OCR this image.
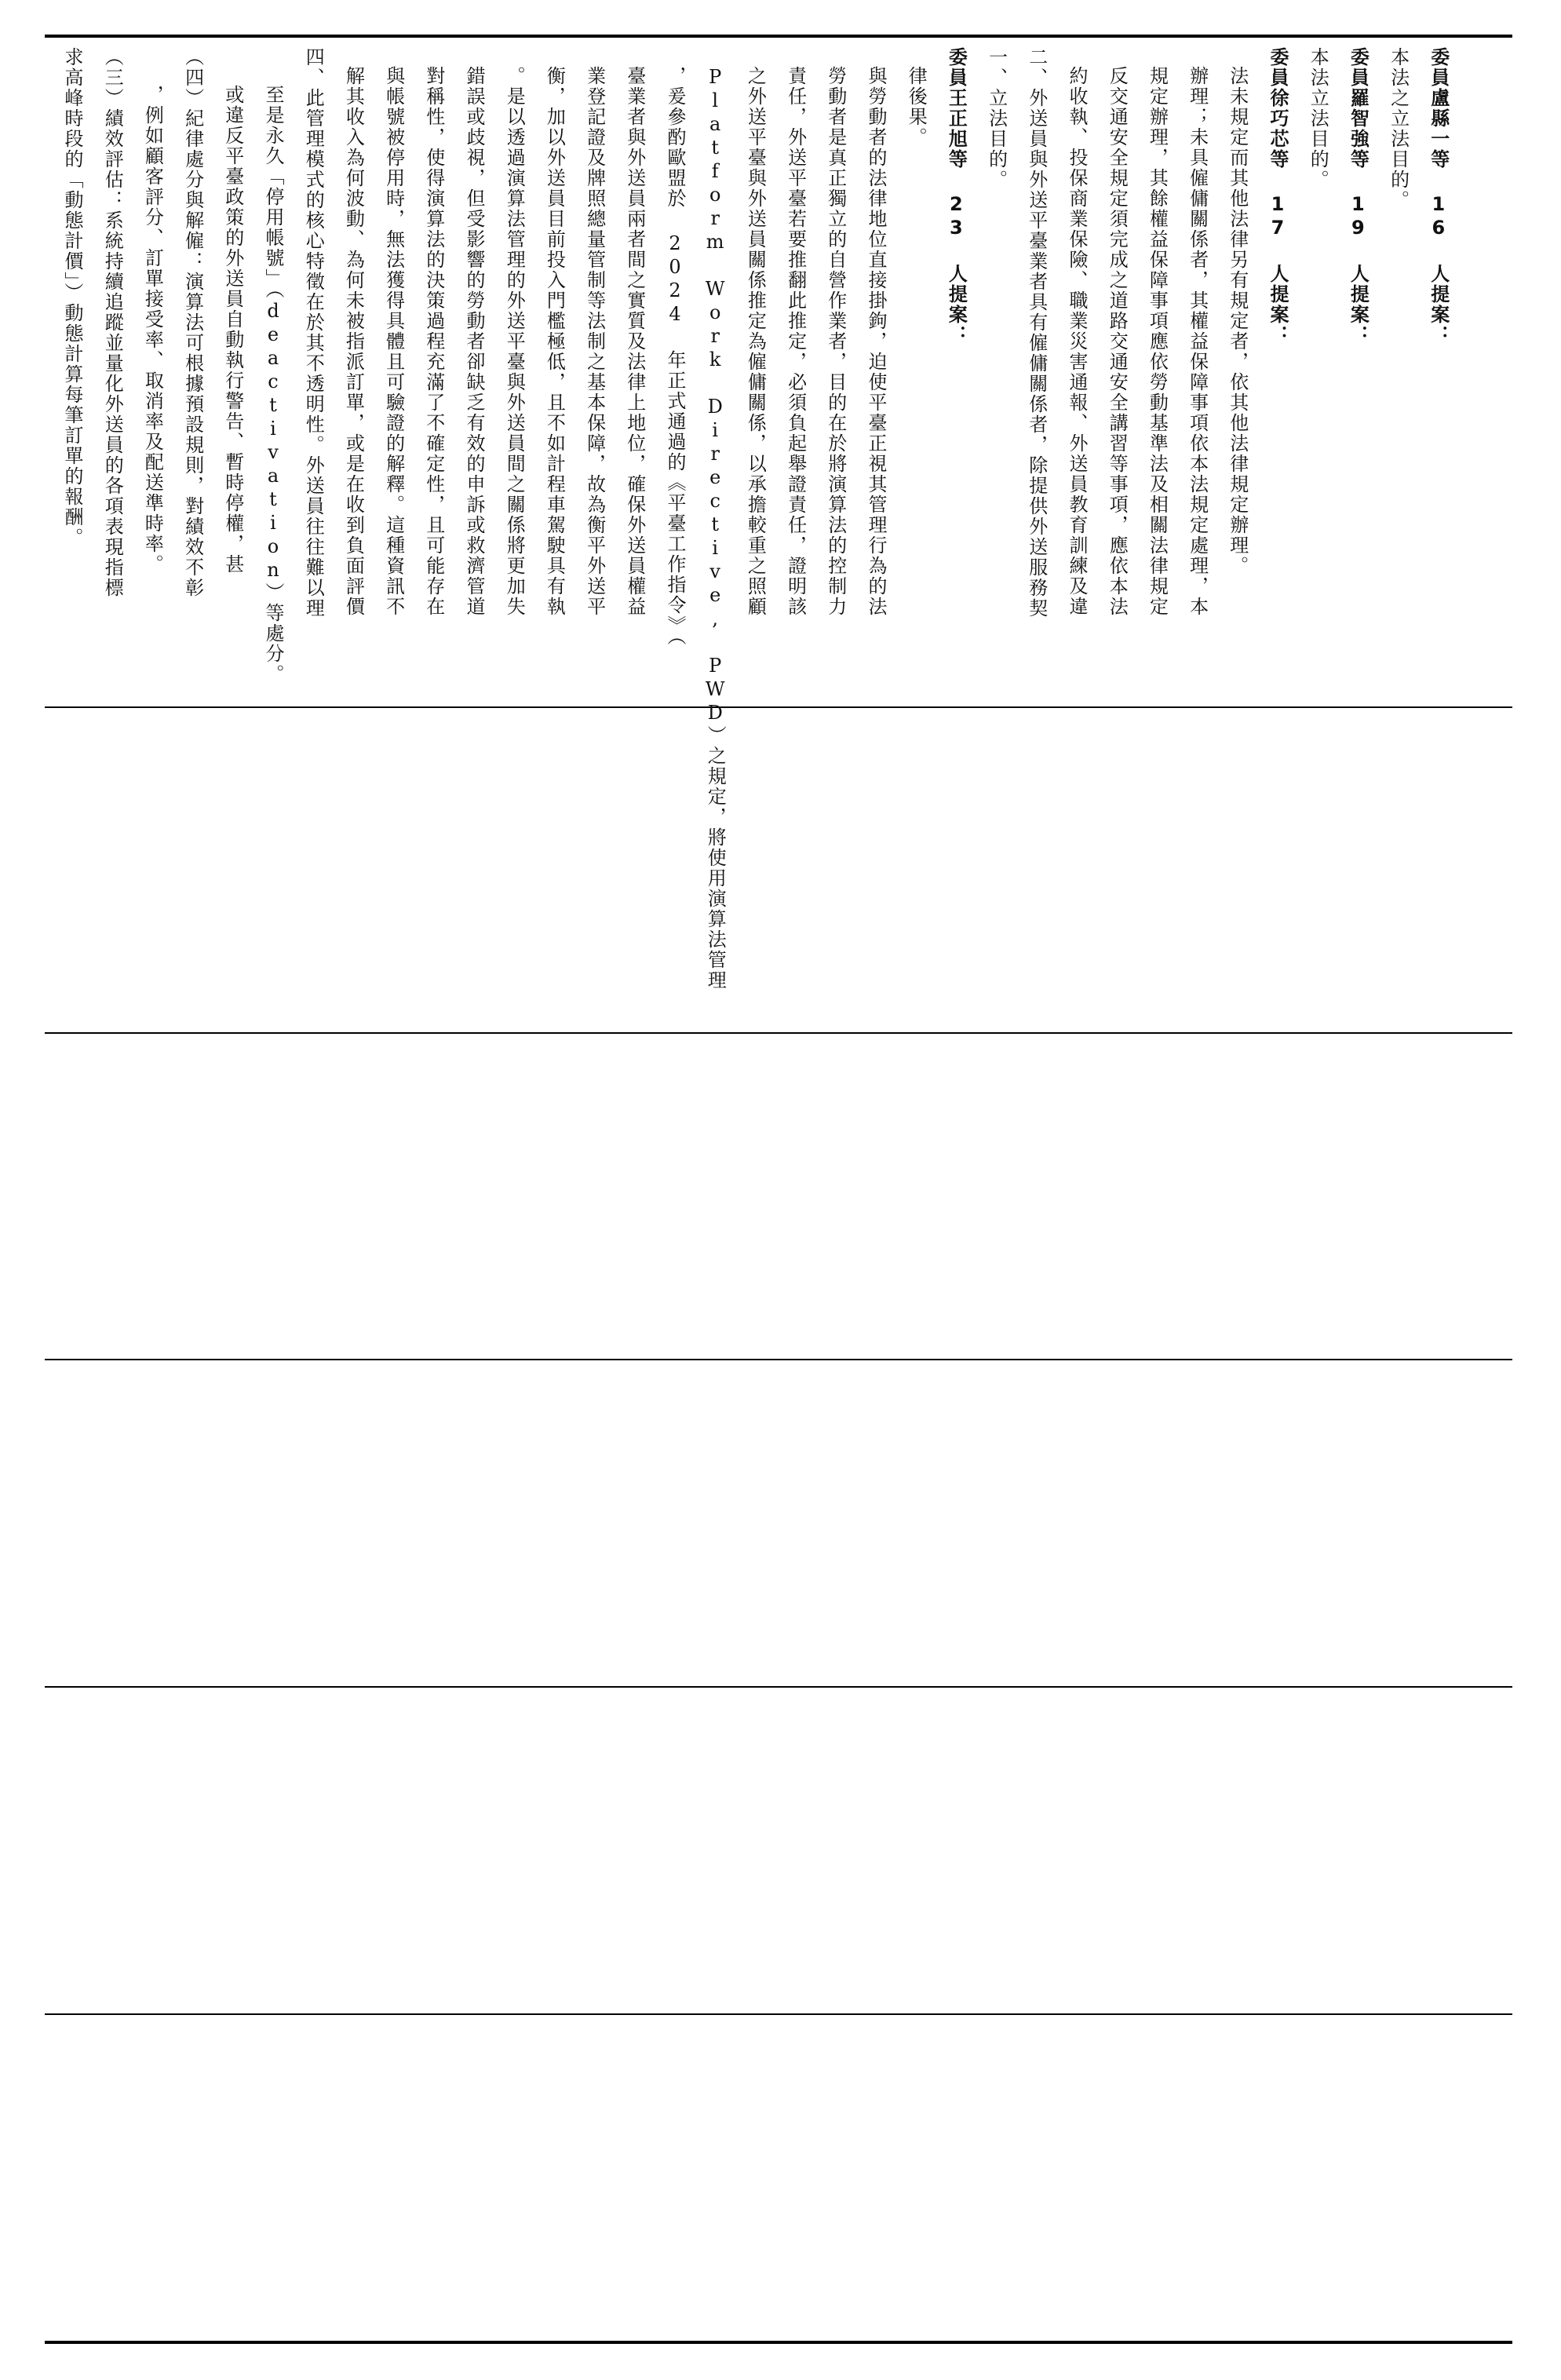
求高峰時段的「動態計價」）動態計算每筆訂單的報酬。 （三）績效評估：系統持續追蹤並量化外送員的各項表現指標 ，例如顧客評分、訂單接受率、取消率及配送準時率。 （四）紀律處分與解僱：演算法可根據預設規則，對績效不彰 或違反平臺政策的外送員自動執行警告、暫時停權，甚 至是永久「停用帳號」（deactivation）等處分。 四、此管理模式的核心特徵在於其不透明性。外送員往往難以理 解其收入為何波動、為何未被指派訂單，或是在收到負面評價 與帳號被停用時，無法獲得具體且可驗證的解釋。這種資訊不 對稱性，使得演算法的決策過程充滿了不確定性，且可能存在 錯誤或歧視，但受影響的勞動者卻缺乏有效的申訴或救濟管道 。是以透過演算法管理的外送平臺與外送員間之關係將更加失 衡，加以外送員目前投入門檻極低，且不如計程車駕駛具有執 業登記證及牌照總量管制等法制之基本保障，故為衡平外送平 臺業者與外送員兩者間之實質及法律上地位，確保外送員權益 ，爰參酌歐盟於 2024 年正式通過的《平臺工作指令》（ Platform Work Directive, PWD）之規定，將使用演算法管理 之外送平臺與外送員關係推定為僱傭關係，以承擔較重之照顧 責任，外送平臺若要推翻此推定，必須負起舉證責任，證明該 勞動者是真正獨立的自營作業者，目的在於將演算法的控制力 與勞動者的法律地位直接掛鉤，迫使平臺正視其管理行為的法 律後果。 委員王正旭等 23 人提案： 一、立法目的。 二、外送員與外送平臺業者具有僱傭關係者，除提供外送服務契 約收執、投保商業保險、職業災害通報、外送員教育訓練及違 反交通安全規定須完成之道路交通安全講習等事項，應依本法 規定辦理，其餘權益保障事項應依勞動基準法及相關法律規定 辦理；未具僱傭關係者，其權益保障事項依本法規定處理，本 法未規定而其他法律另有規定者，依其他法律規定辦理。 委員徐巧芯等 17 人提案： 本法立法目的。 委員羅智強等 19 人提案： 本法之立法目的。 委員盧縣一等 16 人提案：
